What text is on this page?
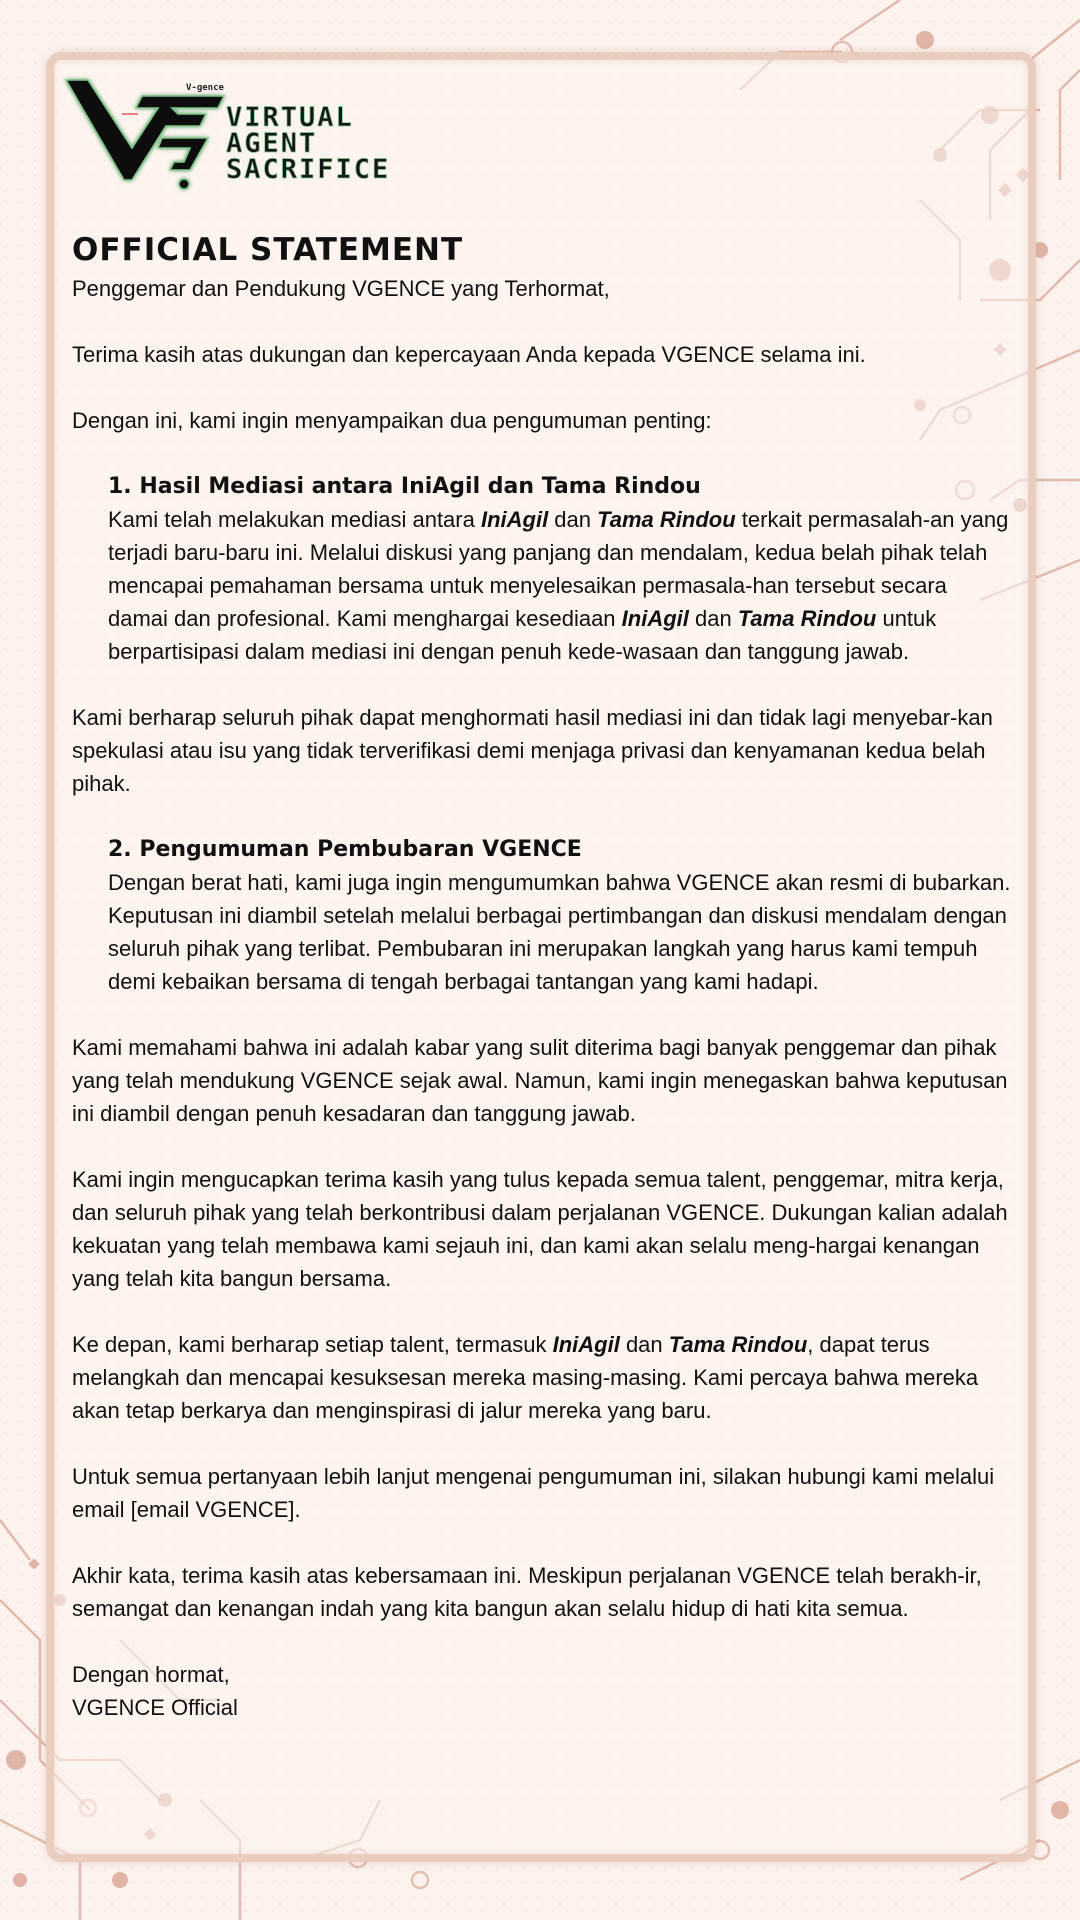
V-gence
VIRTUAL
AGENT
SACRIFICE
OFFICIAL STATEMENT

Penggemar dan Pendukung VGENCE yang Terhormat,

Terima kasih atas dukungan dan kepercayaan Anda kepada VGENCE selama ini.

Dengan ini, kami ingin menyampaikan dua pengumuman penting:

1. Hasil Mediasi antara IniAgil dan Tama Rindou

Kami telah melakukan mediasi antara IniAgil dan Tama Rindou terkait permasalah-an yang terjadi baru-baru ini. Melalui diskusi yang panjang dan mendalam, kedua belah pihak telah mencapai pemahaman bersama untuk menyelesaikan permasala-han tersebut secara damai dan profesional. Kami menghargai kesediaan IniAgil dan Tama Rindou untuk berpartisipasi dalam mediasi ini dengan penuh kede-wasaan dan tanggung jawab.

Kami berharap seluruh pihak dapat menghormati hasil mediasi ini dan tidak lagi menyebar-kan spekulasi atau isu yang tidak terverifikasi demi menjaga privasi dan kenyamanan kedua belah pihak.

2. Pengumuman Pembubaran VGENCE

Dengan berat hati, kami juga ingin mengumumkan bahwa VGENCE akan resmi di bubarkan. Keputusan ini diambil setelah melalui berbagai pertimbangan dan diskusi mendalam dengan seluruh pihak yang terlibat. Pembubaran ini merupakan langkah yang harus kami tempuh demi kebaikan bersama di tengah berbagai tantangan yang kami hadapi.

Kami memahami bahwa ini adalah kabar yang sulit diterima bagi banyak penggemar dan pihak yang telah mendukung VGENCE sejak awal. Namun, kami ingin menegaskan bahwa keputusan ini diambil dengan penuh kesadaran dan tanggung jawab.

Kami ingin mengucapkan terima kasih yang tulus kepada semua talent, penggemar, mitra kerja, dan seluruh pihak yang telah berkontribusi dalam perjalanan VGENCE. Dukungan kalian adalah kekuatan yang telah membawa kami sejauh ini, dan kami akan selalu meng-hargai kenangan yang telah kita bangun bersama.

Ke depan, kami berharap setiap talent, termasuk IniAgil dan Tama Rindou, dapat terus melangkah dan mencapai kesuksesan mereka masing-masing. Kami percaya bahwa mereka akan tetap berkarya dan menginspirasi di jalur mereka yang baru.

Untuk semua pertanyaan lebih lanjut mengenai pengumuman ini, silakan hubungi kami melalui email [email VGENCE].

Akhir kata, terima kasih atas kebersamaan ini. Meskipun perjalanan VGENCE telah berakh-ir, semangat dan kenangan indah yang kita bangun akan selalu hidup di hati kita semua.

Dengan hormat,

VGENCE Official
